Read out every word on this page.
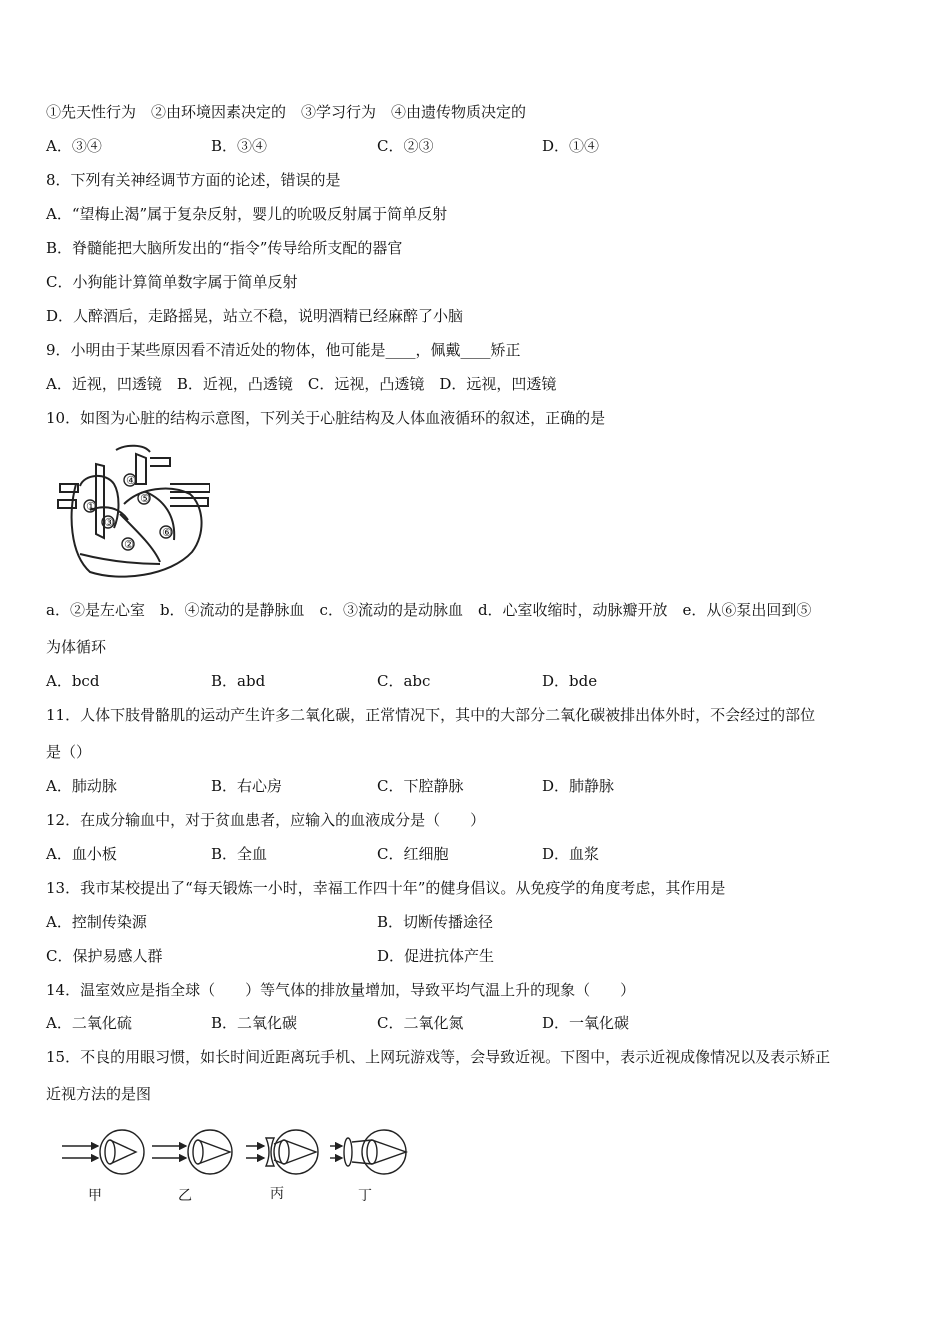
①先天性行为　②由环境因素决定的　③学习行为　④由遗传物质决定的
A．③④	B．③④	C．②③	D．①④
8．下列有关神经调节方面的论述，错误的是
A．“望梅止渴”属于复杂反射，婴儿的吮吸反射属于简单反射
B．脊髓能把大脑所发出的“指令”传导给所支配的器官
C．小狗能计算简单数字属于简单反射
D．人醉酒后，走路摇晃，站立不稳，说明酒精已经麻醉了小脑
9．小明由于某些原因看不清近处的物体，他可能是____，佩戴____矫正
A．近视，凹透镜　B．近视，凸透镜　C．远视，凸透镜　D．远视，凹透镜
10．如图为心脏的结构示意图，下列关于心脏结构及人体血液循环的叙述，正确的是
①
②
③
④
⑤
⑥
a．②是左心室　b．④流动的是静脉血　c．③流动的是动脉血　d．心室收缩时，动脉瓣开放　e．从⑥泵出回到⑤
为体循环
A．bcd	B．abd	C．abc	D．bde
11．人体下肢骨骼肌的运动产生许多二氧化碳，正常情况下，其中的大部分二氧化碳被排出体外时，不会经过的部位
是（）
A．肺动脉	B．右心房	C．下腔静脉	D．肺静脉
12．在成分输血中，对于贫血患者，应输入的血液成分是（　　）
A．血小板	B．全血	C．红细胞	D．血浆
13．我市某校提出了“每天锻炼一小时，幸福工作四十年”的健身倡议。从免疫学的角度考虑，其作用是
A．控制传染源	B．切断传播途径
C．保护易感人群	D．促进抗体产生
14．温室效应是指全球（　　）等气体的排放量增加，导致平均气温上升的现象（　　）
A．二氧化硫	B．二氧化碳	C．二氧化氮	D．一氧化碳
15．不良的用眼习惯，如长时间近距离玩手机、上网玩游戏等，会导致近视。下图中，表示近视成像情况以及表示矫正
近视方法的是图
甲	乙	丙	丁
